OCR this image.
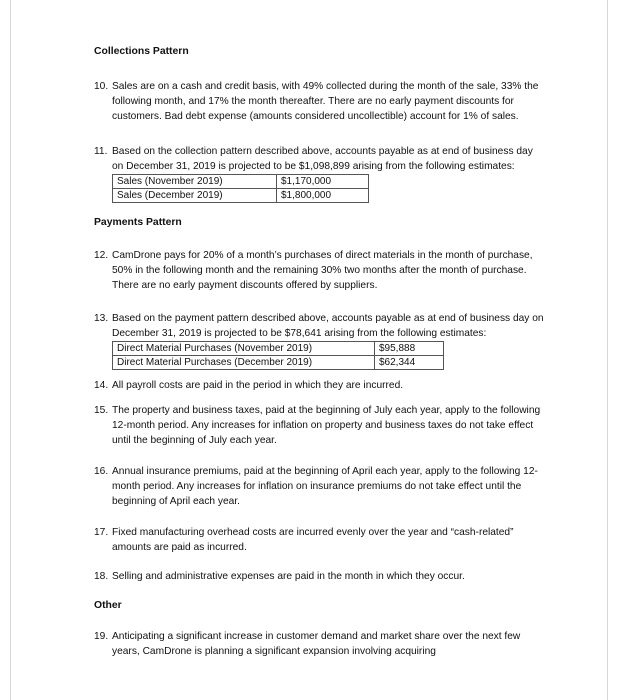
Collections Pattern
10. Sales are on a cash and credit basis, with 49% collected during the month of the sale, 33% the following month, and 17% the month thereafter. There are no early payment discounts for customers. Bad debt expense (amounts considered uncollectible) account for 1% of sales.
11. Based on the collection pattern described above, accounts payable as at end of business day on December 31, 2019 is projected to be $1,098,899 arising from the following estimates:
Sales (November 2019)	$1,170,000
Sales (December 2019)	$1,800,000
Payments Pattern
12. CamDrone pays for 20% of a month’s purchases of direct materials in the month of purchase, 50% in the following month and the remaining 30% two months after the month of purchase. There are no early payment discounts offered by suppliers.
13. Based on the payment pattern described above, accounts payable as at end of business day on December 31, 2019 is projected to be $78,641 arising from the following estimates:
Direct Material Purchases (November 2019)	$95,888
Direct Material Purchases (December 2019)	$62,344
14. All payroll costs are paid in the period in which they are incurred.
15. The property and business taxes, paid at the beginning of July each year, apply to the following 12-month period. Any increases for inflation on property and business taxes do not take effect until the beginning of July each year.
16. Annual insurance premiums, paid at the beginning of April each year, apply to the following 12-month period. Any increases for inflation on insurance premiums do not take effect until the beginning of April each year.
17. Fixed manufacturing overhead costs are incurred evenly over the year and “cash-related” amounts are paid as incurred.
18. Selling and administrative expenses are paid in the month in which they occur.
Other
19. Anticipating a significant increase in customer demand and market share over the next few years, CamDrone is planning a significant expansion involving acquiring
